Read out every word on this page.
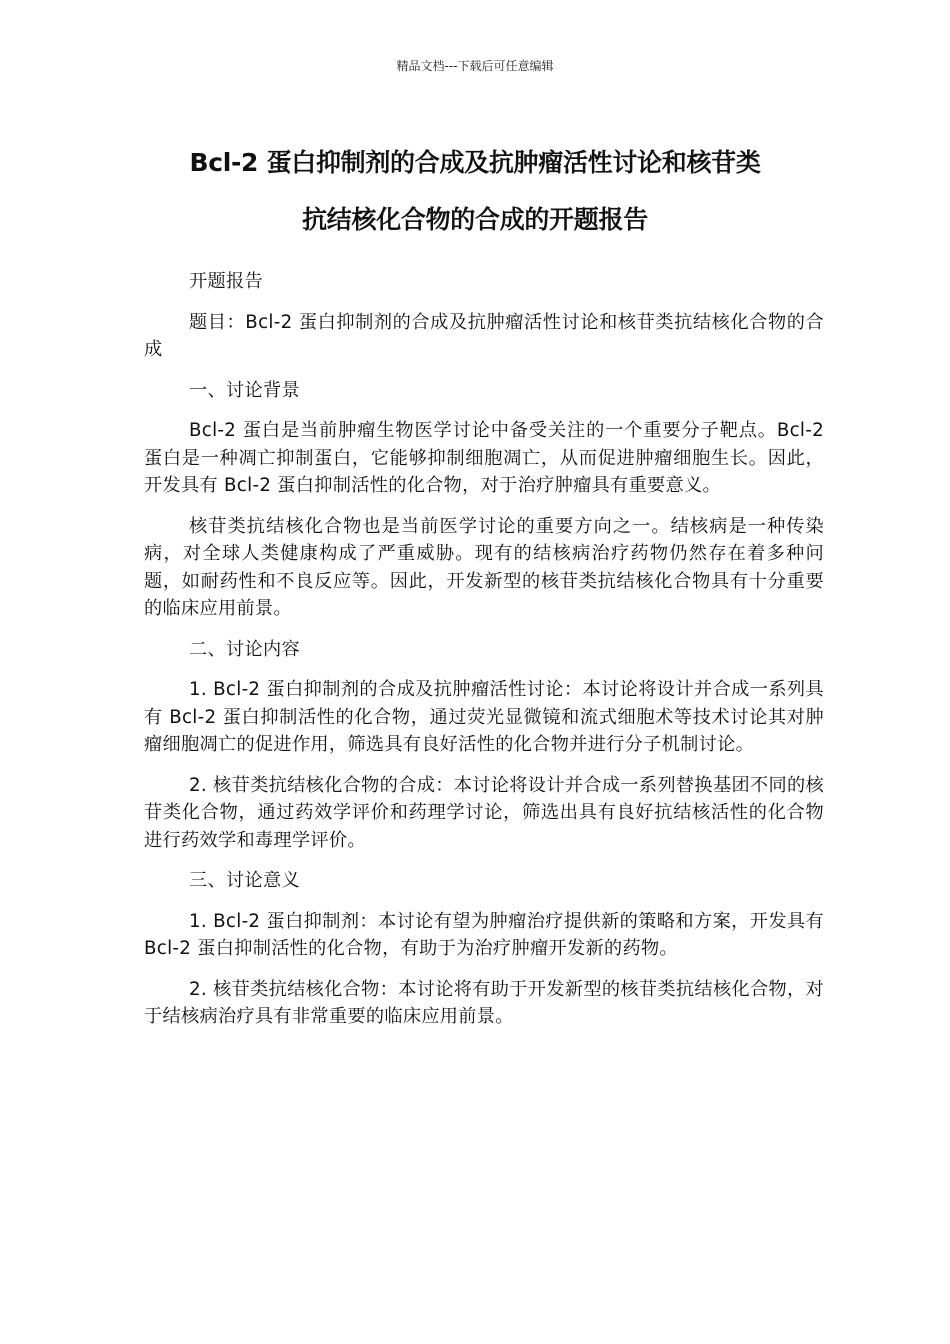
精品文档---下载后可任意编辑
Bcl-2 蛋白抑制剂的合成及抗肿瘤活性讨论和核苷类
抗结核化合物的合成的开题报告

开题报告

题目：Bcl-2 蛋白抑制剂的合成及抗肿瘤活性讨论和核苷类抗结核化合物的合成

一、讨论背景

Bcl-2 蛋白是当前肿瘤生物医学讨论中备受关注的一个重要分子靶点。Bcl-2 蛋白是一种凋亡抑制蛋白，它能够抑制细胞凋亡，从而促进肿瘤细胞生长。因此，开发具有 Bcl-2 蛋白抑制活性的化合物，对于治疗肿瘤具有重要意义。

核苷类抗结核化合物也是当前医学讨论的重要方向之一。结核病是一种传染病，对全球人类健康构成了严重威胁。现有的结核病治疗药物仍然存在着多种问题，如耐药性和不良反应等。因此，开发新型的核苷类抗结核化合物具有十分重要的临床应用前景。

二、讨论内容

1. Bcl-2 蛋白抑制剂的合成及抗肿瘤活性讨论：本讨论将设计并合成一系列具有 Bcl-2 蛋白抑制活性的化合物，通过荧光显微镜和流式细胞术等技术讨论其对肿瘤细胞凋亡的促进作用，筛选具有良好活性的化合物并进行分子机制讨论。

2. 核苷类抗结核化合物的合成：本讨论将设计并合成一系列替换基团不同的核苷类化合物，通过药效学评价和药理学讨论，筛选出具有良好抗结核活性的化合物进行药效学和毒理学评价。

三、讨论意义

1. Bcl-2 蛋白抑制剂：本讨论有望为肿瘤治疗提供新的策略和方案，开发具有 Bcl-2 蛋白抑制活性的化合物，有助于为治疗肿瘤开发新的药物。

2. 核苷类抗结核化合物：本讨论将有助于开发新型的核苷类抗结核化合物，对于结核病治疗具有非常重要的临床应用前景。
